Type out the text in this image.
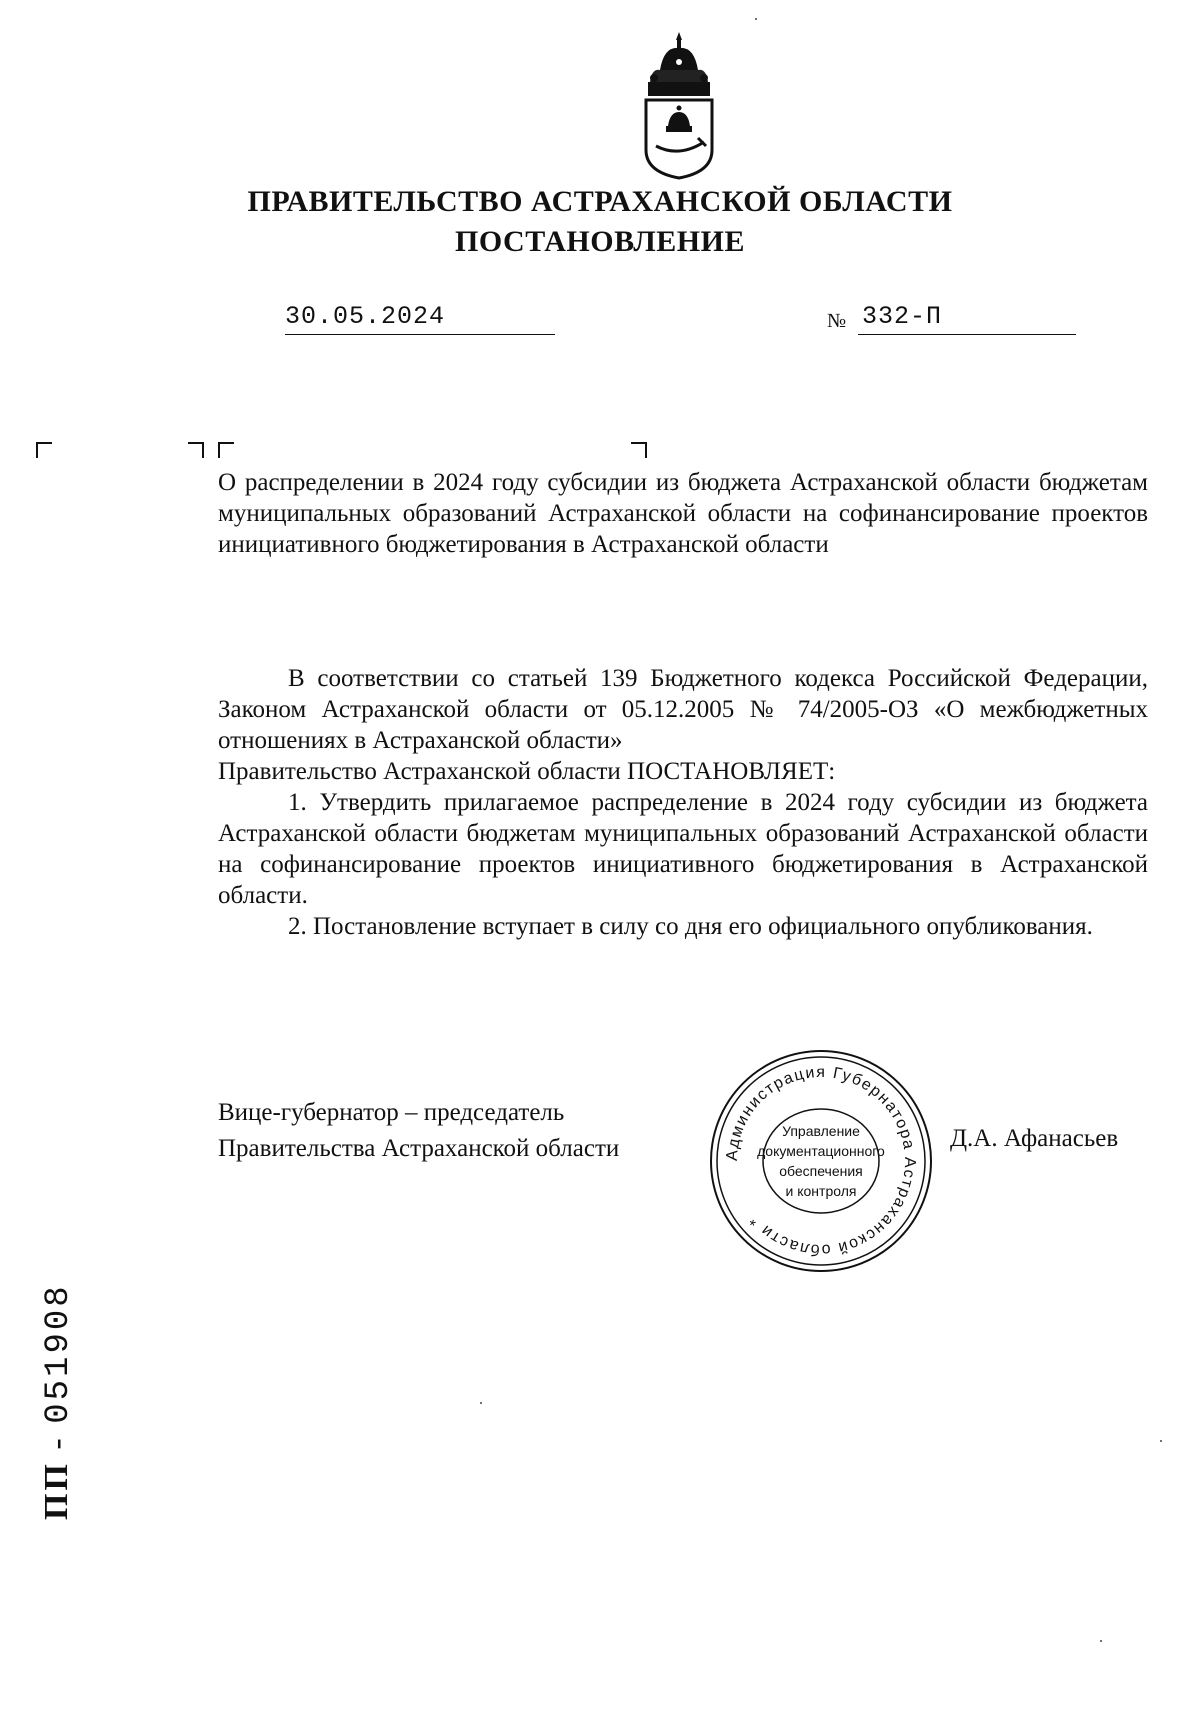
ПРАВИТЕЛЬСТВО АСТРАХАНСКОЙ ОБЛАСТИ
ПОСТАНОВЛЕНИЕ
30.05.2024	№ 332-П
О распределении в 2024 году субсидии из бюджета Астраханской области бюджетам муниципальных образований Астраханской области на софинансирование проектов инициативного бюджетирования в Астраханской области

В соответствии со статьей 139 Бюджетного кодекса Российской Федерации, Законом Астраханской области от 05.12.2005 № 74/2005-ОЗ «О межбюджетных отношениях в Астраханской области»

Правительство Астраханской области ПОСТАНОВЛЯЕТ:

1. Утвердить прилагаемое распределение в 2024 году субсидии из бюджета Астраханской области бюджетам муниципальных образований Астраханской области на софинансирование проектов инициативного бюджетирования в Астраханской области.

2. Постановление вступает в силу со дня его официального опубликования.

Вице-губернатор – председатель
Правительства Астраханской области	Д.А. Афанасьев
Администрация Губернатора Астраханской области *
Управление
документационного
обеспечения
и контроля
ПП - 051908
